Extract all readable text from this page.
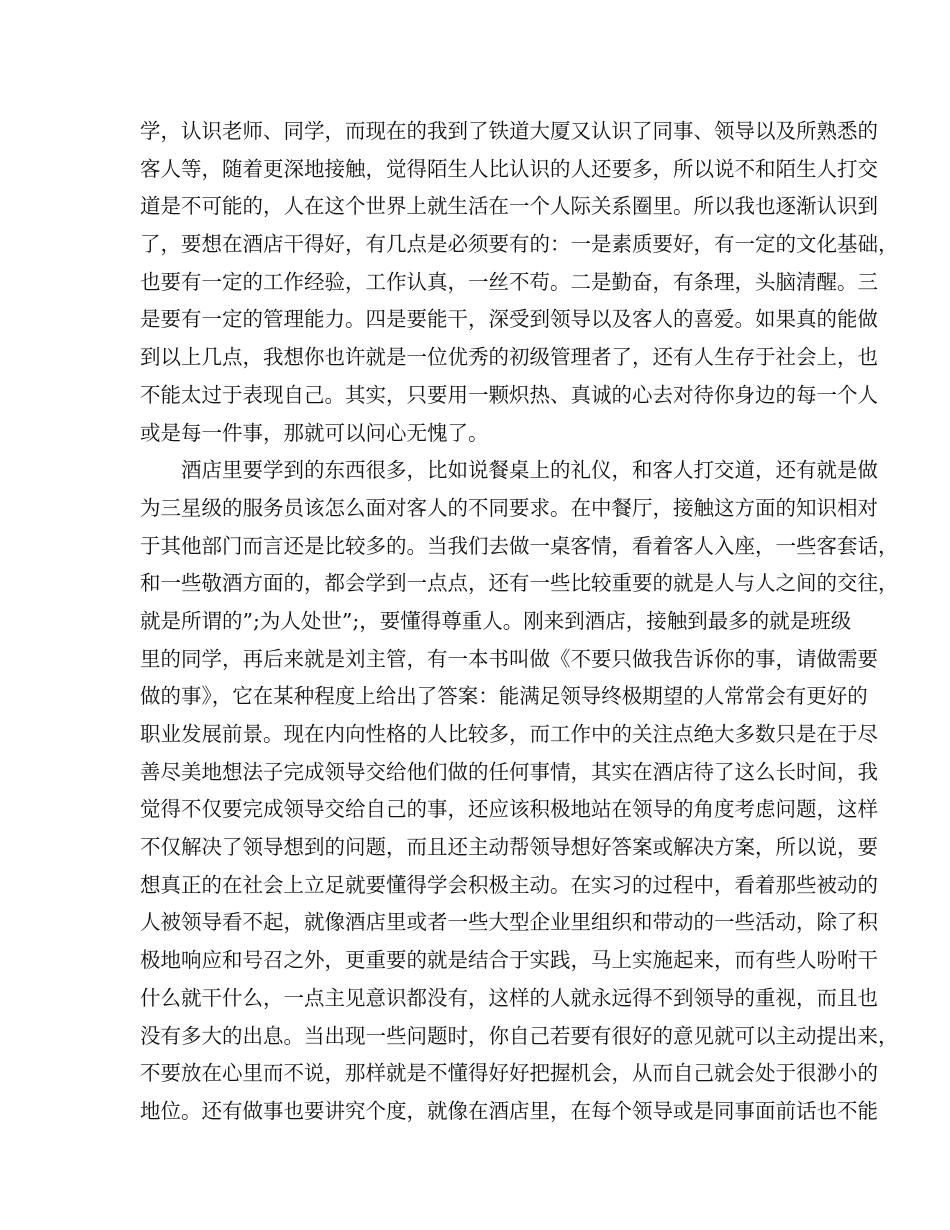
学，认识老师、同学，而现在的我到了铁道大厦又认识了同事、领导以及所熟悉的
客人等，随着更深地接触，觉得陌生人比认识的人还要多，所以说不和陌生人打交
道是不可能的，人在这个世界上就生活在一个人际关系圈里。所以我也逐渐认识到
了，要想在酒店干得好，有几点是必须要有的：一是素质要好，有一定的文化基础，
也要有一定的工作经验，工作认真，一丝不苟。二是勤奋，有条理，头脑清醒。三
是要有一定的管理能力。四是要能干，深受到领导以及客人的喜爱。如果真的能做
到以上几点，我想你也许就是一位优秀的初级管理者了，还有人生存于社会上，也
不能太过于表现自己。其实，只要用一颗炽热、真诚的心去对待你身边的每一个人
或是每一件事，那就可以问心无愧了。
酒店里要学到的东西很多，比如说餐桌上的礼仪，和客人打交道，还有就是做
为三星级的服务员该怎么面对客人的不同要求。在中餐厅，接触这方面的知识相对
于其他部门而言还是比较多的。当我们去做一桌客情，看着客人入座，一些客套话，
和一些敬酒方面的，都会学到一点点，还有一些比较重要的就是人与人之间的交往，
就是所谓的”;为人处世”;，要懂得尊重人。刚来到酒店，接触到最多的就是班级
里的同学，再后来就是刘主管，有一本书叫做《不要只做我告诉你的事，请做需要
做的事》，它在某种程度上给出了答案：能满足领导终极期望的人常常会有更好的
职业发展前景。现在内向性格的人比较多，而工作中的关注点绝大多数只是在于尽
善尽美地想法子完成领导交给他们做的任何事情，其实在酒店待了这么长时间，我
觉得不仅要完成领导交给自己的事，还应该积极地站在领导的角度考虑问题，这样
不仅解决了领导想到的问题，而且还主动帮领导想好答案或解决方案，所以说，要
想真正的在社会上立足就要懂得学会积极主动。在实习的过程中，看着那些被动的
人被领导看不起，就像酒店里或者一些大型企业里组织和带动的一些活动，除了积
极地响应和号召之外，更重要的就是结合于实践，马上实施起来，而有些人吩咐干
什么就干什么，一点主见意识都没有，这样的人就永远得不到领导的重视，而且也
没有多大的出息。当出现一些问题时，你自己若要有很好的意见就可以主动提出来，
不要放在心里而不说，那样就是不懂得好好把握机会，从而自己就会处于很渺小的
地位。还有做事也要讲究个度，就像在酒店里，在每个领导或是同事面前话也不能
